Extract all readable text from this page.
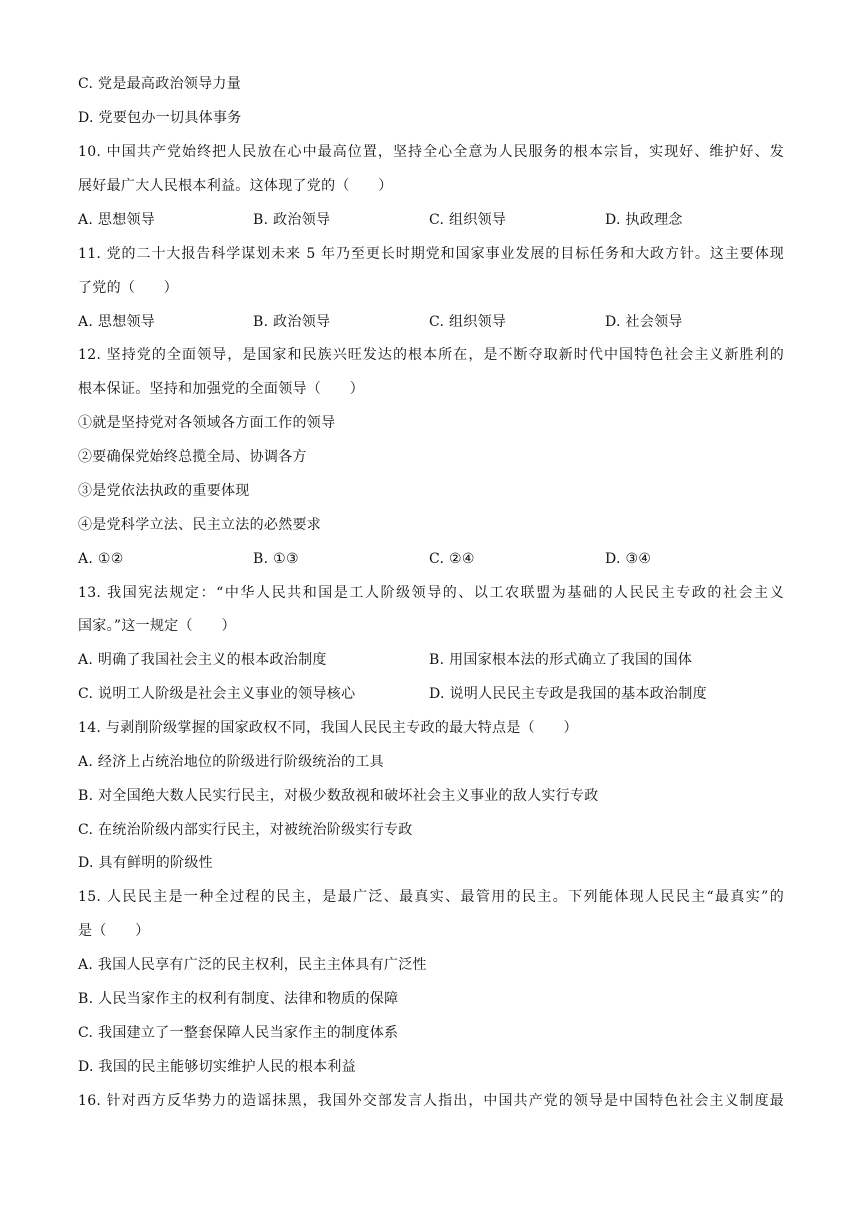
C. 党是最高政治领导力量
D. 党要包办一切具体事务
10. 中国共产党始终把人民放在心中最高位置，坚持全心全意为人民服务的根本宗旨，实现好、维护好、发
展好最广大人民根本利益。这体现了党的（　　）
A. 思想领导	B. 政治领导	C. 组织领导	D. 执政理念
11. 党的二十大报告科学谋划未来 5 年乃至更长时期党和国家事业发展的目标任务和大政方针。这主要体现
了党的（　　）
A. 思想领导	B. 政治领导	C. 组织领导	D. 社会领导
12. 坚持党的全面领导，是国家和民族兴旺发达的根本所在，是不断夺取新时代中国特色社会主义新胜利的
根本保证。坚持和加强党的全面领导（　　）
①就是坚持党对各领域各方面工作的领导
②要确保党始终总揽全局、协调各方
③是党依法执政的重要体现
④是党科学立法、民主立法的必然要求
A. ①②	B. ①③	C. ②④	D. ③④
13. 我国宪法规定：“中华人民共和国是工人阶级领导的、以工农联盟为基础的人民民主专政的社会主义
国家。”这一规定（　　）
A. 明确了我国社会主义的根本政治制度	B. 用国家根本法的形式确立了我国的国体
C. 说明工人阶级是社会主义事业的领导核心	D. 说明人民民主专政是我国的基本政治制度
14. 与剥削阶级掌握的国家政权不同，我国人民民主专政的最大特点是（　　）
A. 经济上占统治地位的阶级进行阶级统治的工具
B. 对全国绝大数人民实行民主，对极少数敌视和破坏社会主义事业的敌人实行专政
C. 在统治阶级内部实行民主，对被统治阶级实行专政
D. 具有鲜明的阶级性
15. 人民民主是一种全过程的民主，是最广泛、最真实、最管用的民主。下列能体现人民民主“最真实”的
是（　　）
A. 我国人民享有广泛的民主权利，民主主体具有广泛性
B. 人民当家作主的权利有制度、法律和物质的保障
C. 我国建立了一整套保障人民当家作主的制度体系
D. 我国的民主能够切实维护人民的根本利益
16. 针对西方反华势力的造谣抹黑，我国外交部发言人指出，中国共产党的领导是中国特色社会主义制度最
